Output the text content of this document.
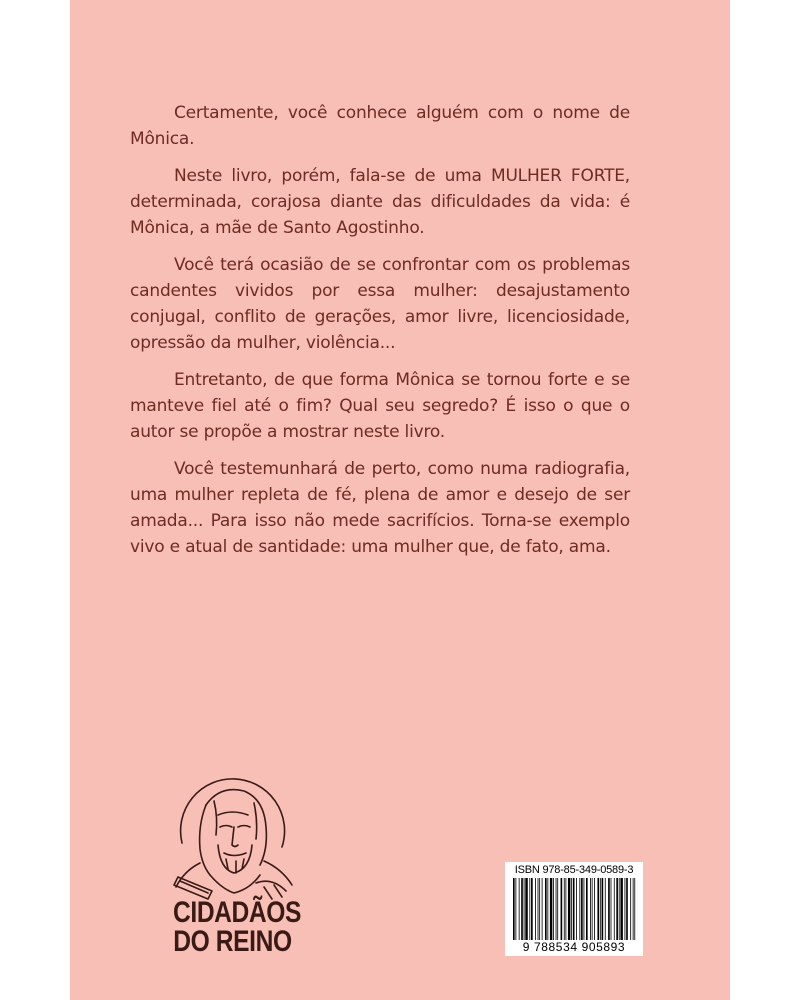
Certamente, você conhece alguém com o nome de Mônica.

Neste livro, porém, fala-se de uma MULHER FORTE, determinada, corajosa diante das dificuldades da vida: é Mônica, a mãe de Santo Agostinho.

Você terá ocasião de se confrontar com os problemas candentes vividos por essa mulher: desajustamento conjugal, conflito de gerações, amor livre, licenciosidade, opressão da mulher, violência...

Entretanto, de que forma Mônica se tornou forte e se manteve fiel até o fim? Qual seu segredo? É isso o que o autor se propõe a mostrar neste livro.

Você testemunhará de perto, como numa radiografia, uma mulher repleta de fé, plena de amor e desejo de ser amada... Para isso não mede sacrifícios. Torna-se exemplo vivo e atual de santidade: uma mulher que, de fato, ama.

CIDADÃOS
DO REINO
ISBN 978-85-349-0589-3
9 788534 905893
